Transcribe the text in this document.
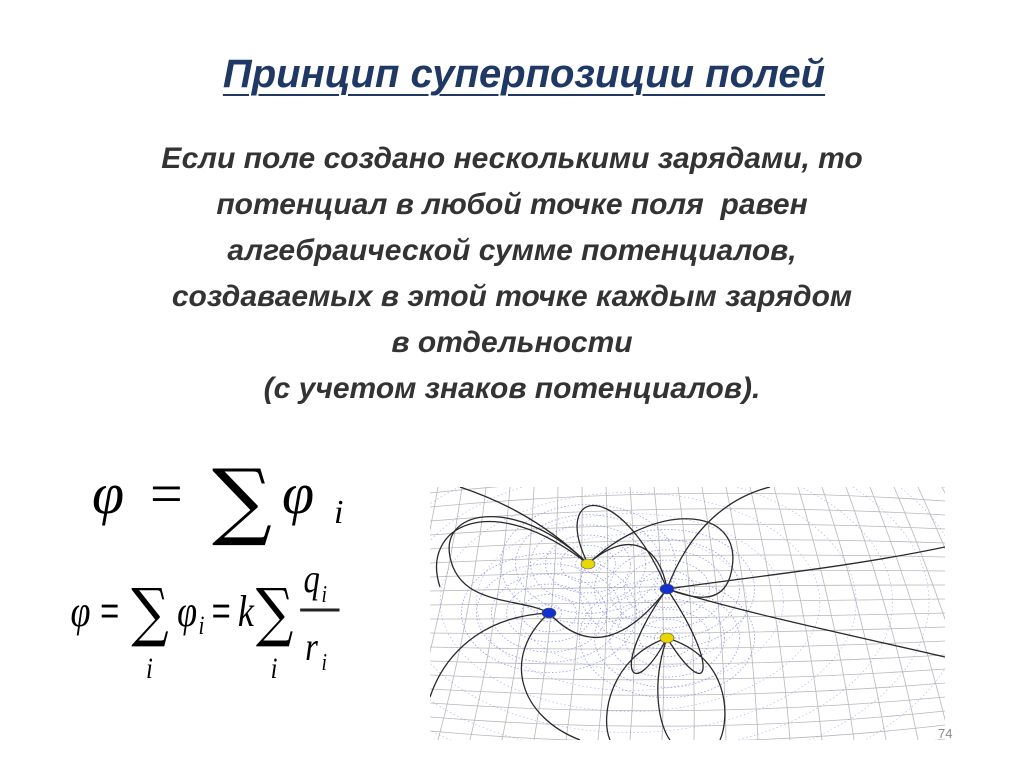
Принцип суперпозиции полей
Если поле создано несколькими зарядами, то
потенциал в любой точке поля  равен
алгебраической сумме потенциалов,
создаваемых в этой точке каждым зарядом
в отдельности
(с учетом знаков потенциалов).
φ = ∑ φ i
φ = ∑
i
φ i = k ∑
i
q i
r i
74
